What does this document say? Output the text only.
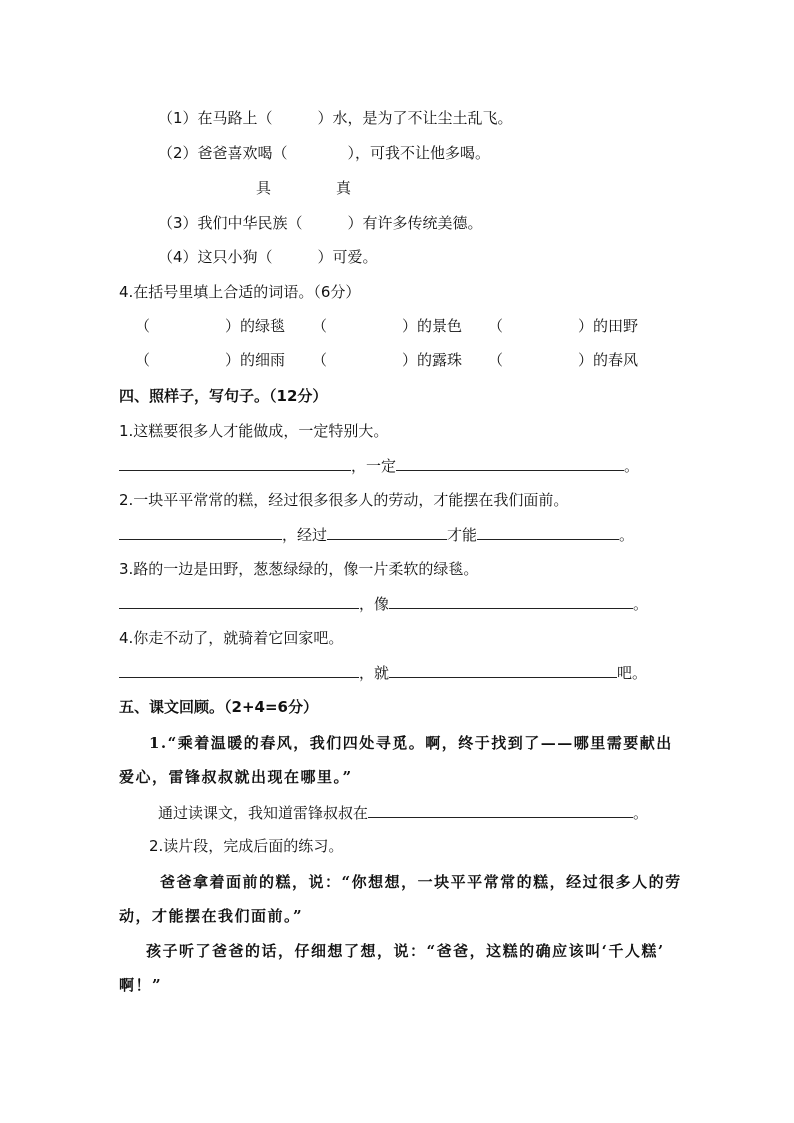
（1）在马路上（　　　）水，是为了不让尘土乱飞。
（2）爸爸喜欢喝（　　　　），可我不让他多喝。
具	真
（3）我们中华民族（　　　）有许多传统美德。
（4）这只小狗（　　　）可爱。
4.在括号里填上合适的词语。（6分）
（　　　　　）的绿毯 （　　　　　）的景色 （　　　　　）的田野
（　　　　　）的细雨 （　　　　　）的露珠 （　　　　　）的春风
四、照样子，写句子。（12分）
1.这糕要很多人才能做成，一定特别大。
，一定	。
2.一块平平常常的糕，经过很多很多人的劳动，才能摆在我们面前。
，经过	才能	。
3.路的一边是田野，葱葱绿绿的，像一片柔软的绿毯。
，像	。
4.你走不动了，就骑着它回家吧。
，就	吧。
五、课文回顾。（2+4=6分）
1.“乘着温暖的春风，我们四处寻觅。啊，终于找到了——哪里需要献出
爱心，雷锋叔叔就出现在哪里。”
通过读课文，我知道雷锋叔叔在	。
2.读片段，完成后面的练习。
爸爸拿着面前的糕，说：“你想想，一块平平常常的糕，经过很多人的劳
动，才能摆在我们面前。”
孩子听了爸爸的话，仔细想了想，说：“爸爸，这糕的确应该叫‘千人糕’
啊！”
